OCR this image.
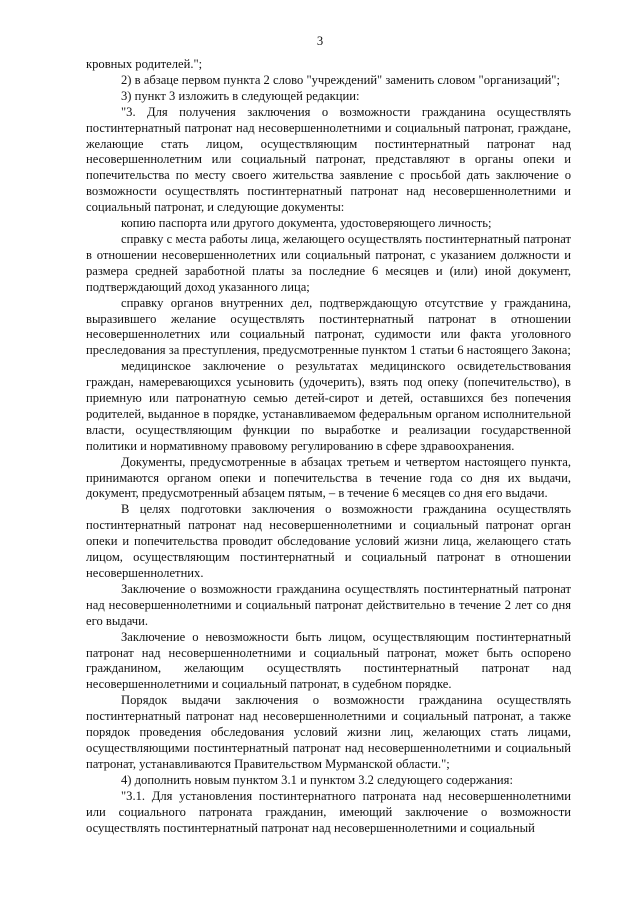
3

кровных родителей.";

2) в абзаце первом пункта 2 слово "учреждений" заменить словом "организаций";

3) пункт 3 изложить в следующей редакции:

"3. Для получения заключения о возможности гражданина осуществлять постинтернатный патронат над несовершеннолетними и социальный патронат, граждане, желающие стать лицом, осуществляющим постинтернатный патронат над несовершеннолетним или социальный патронат, представляют в органы опеки и попечительства по месту своего жительства заявление с просьбой дать заключение о возможности осуществлять постинтернатный патронат над несовершеннолетними и социальный патронат, и следующие документы:

копию паспорта или другого документа, удостоверяющего личность;

справку с места работы лица, желающего осуществлять постинтернатный патронат в отношении несовершеннолетних или социальный патронат, с указанием должности и размера средней заработной платы за последние 6 месяцев и (или) иной документ, подтверждающий доход указанного лица;

справку органов внутренних дел, подтверждающую отсутствие у гражданина, выразившего желание осуществлять постинтернатный патронат в отношении несовершеннолетних или социальный патронат, судимости или факта уголовного преследования за преступления, предусмотренные пунктом 1 статьи 6 настоящего Закона;

медицинское заключение о результатах медицинского освидетельствования граждан, намеревающихся усыновить (удочерить), взять под опеку (попечительство), в приемную или патронатную семью детей-сирот и детей, оставшихся без попечения родителей, выданное в порядке, устанавливаемом федеральным органом исполнительной власти, осуществляющим функции по выработке и реализации государственной политики и нормативному правовому регулированию в сфере здравоохранения.

Документы, предусмотренные в абзацах третьем и четвертом настоящего пункта, принимаются органом опеки и попечительства в течение года со дня их выдачи, документ, предусмотренный абзацем пятым, – в течение 6 месяцев со дня его выдачи.

В целях подготовки заключения о возможности гражданина осуществлять постинтернатный патронат над несовершеннолетними и социальный патронат орган опеки и попечительства проводит обследование условий жизни лица, желающего стать лицом, осуществляющим постинтернатный и социальный патронат в отношении несовершеннолетних.

Заключение о возможности гражданина осуществлять постинтернатный патронат над несовершеннолетними и социальный патронат действительно в течение 2 лет со дня его выдачи.

Заключение о невозможности быть лицом, осуществляющим постинтернатный патронат над несовершеннолетними и социальный патронат, может быть оспорено гражданином, желающим осуществлять постинтернатный патронат над несовершеннолетними и социальный патронат, в судебном порядке.

Порядок выдачи заключения о возможности гражданина осуществлять постинтернатный патронат над несовершеннолетними и социальный патронат, а также порядок проведения обследования условий жизни лиц, желающих стать лицами, осуществляющими постинтернатный патронат над несовершеннолетними и социальный патронат, устанавливаются Правительством Мурманской области.";

4) дополнить новым пунктом 3.1 и пунктом 3.2 следующего содержания:

"3.1. Для установления постинтернатного патроната над несовершеннолетними или социального патроната гражданин, имеющий заключение о возможности осуществлять постинтернатный патронат над несовершеннолетними и социальный
